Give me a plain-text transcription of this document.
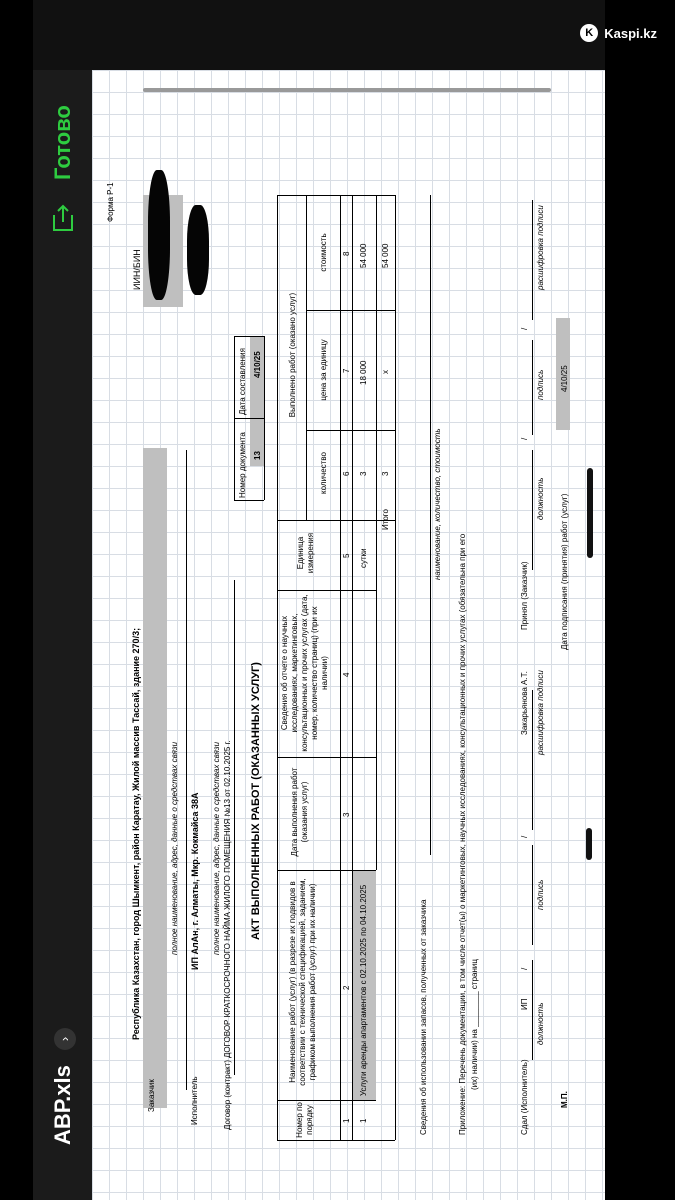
K Kaspi.kz
АВР.xls
›
Готово
Форма Р-1
ИИН/БИН
Заказчик
Республика Казахстан, город Шымкент, район Каратау, Жилой массив Тассай, здание 270/3;	полное наименование, адрес, данные о средствах связи
Исполнитель
ИП АлАн, г. Алматы, Мкр. Кокмайса 38А полное наименование, адрес, данные о средствах связи
Договор (контракт)
ДОГОВОР КРАТКОСРОЧНОГО НАЙМА ЖИЛОГО ПОМЕЩЕНИЯ №13 от 02.10.2025 г.
Номер документа
Дата составления
13
4/10/25
АКТ ВЫПОЛНЕННЫХ РАБОТ (ОКАЗАННЫХ УСЛУГ)
Номер по порядку
Наименование работ (услуг) (в разрезе их подвидов в соответствии с технической спецификацией, заданием, графиком выполнения работ (услуг) при их наличии)
Дата выполнения работ (оказания услуг)
Сведения об отчете о научных исследованиях, маркетинговых, консультационных и прочих услугах (дата, номер, количество страниц) (при их наличии)
Единица измерения
Выполнено работ (оказано услуг)
количество
цена за единицу
стоимость
1
2
3
4
5
6
7
8
1
Услуги аренды апартаментов с 02.10.2025 по 04.10.2025
сутки
3
18 000
54 000
Итого
3
х
54 000
Сведения об использовании запасов, полученных от заказчика
наименование, количество, стоимость
Приложение: Перечень документации, в том числе отчет(ы) о маркетинговых, научных исследованиях, консультационных и прочих услугах (обязательна при его (их) наличии) на ________ страниц
Сдал (Исполнитель)
ИП
/
/
Закарьянова А.Т.
должность
подпись
расшифровка подписи
Принял (Заказчик)
/
/
должность
подпись
расшифровка подписи
М.П.
Дата подписания (принятия) работ (услуг)
4/10/25
